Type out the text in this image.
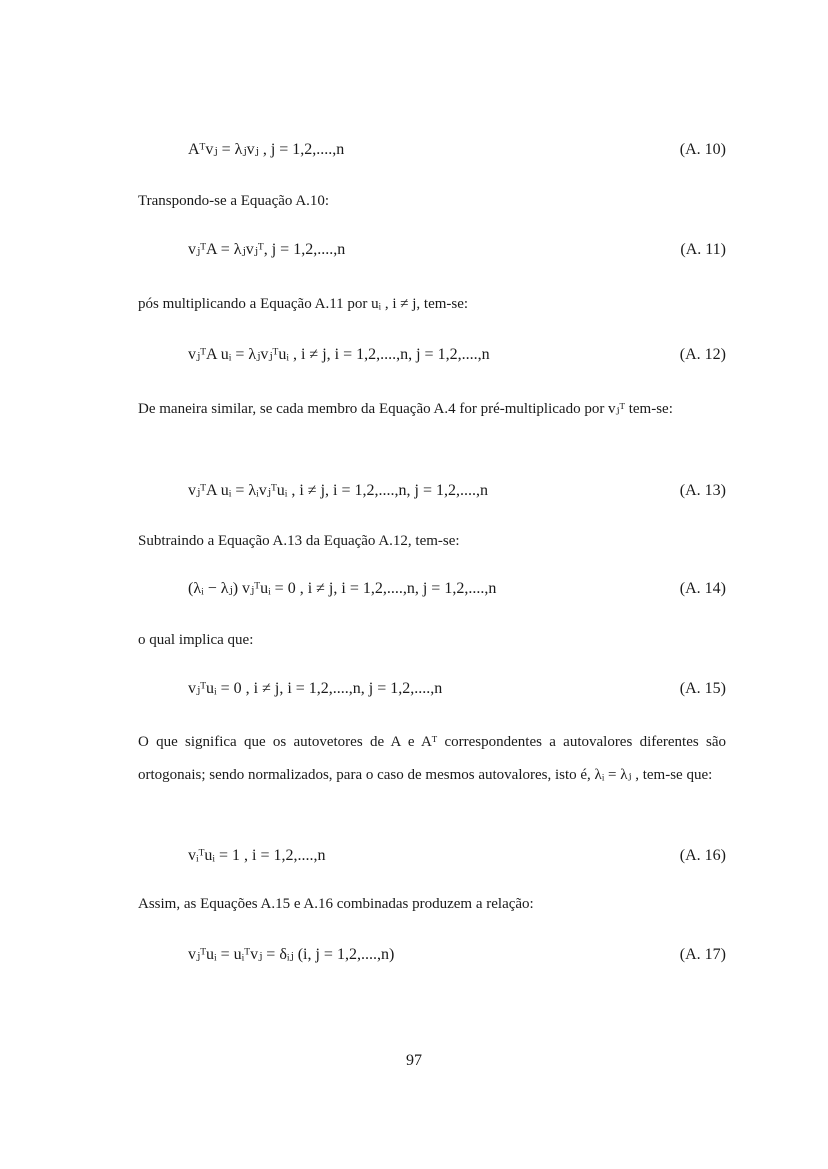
Aᵀvⱼ = λⱼvⱼ , j = 1,2,....,n	(A. 10)
Transpondo-se a Equação A.10:
vⱼᵀA = λⱼvⱼᵀ, j = 1,2,....,n	(A. 11)
pós multiplicando a Equação A.11 por uᵢ , i ≠ j, tem-se:
vⱼᵀA uᵢ = λⱼvⱼᵀuᵢ , i ≠ j, i = 1,2,....,n, j = 1,2,....,n	(A. 12)
De maneira similar, se cada membro da Equação A.4 for pré-multiplicado por vⱼᵀ tem-se:
vⱼᵀA uᵢ = λᵢvⱼᵀuᵢ , i ≠ j, i = 1,2,....,n, j = 1,2,....,n	(A. 13)
Subtraindo a Equação A.13 da Equação A.12, tem-se:
(λᵢ − λⱼ) vⱼᵀuᵢ = 0 , i ≠ j, i = 1,2,....,n, j = 1,2,....,n	(A. 14)
o qual implica que:
vⱼᵀuᵢ = 0 , i ≠ j, i = 1,2,....,n, j = 1,2,....,n	(A. 15)
O que significa que os autovetores de A e Aᵀ correspondentes a autovalores diferentes são ortogonais; sendo normalizados, para o caso de mesmos autovalores, isto é, λᵢ = λⱼ , tem-se que:
vᵢᵀuᵢ = 1 , i = 1,2,....,n	(A. 16)
Assim, as Equações A.15 e A.16 combinadas produzem a relação:
vⱼᵀuᵢ = uᵢᵀvⱼ = δᵢⱼ (i, j = 1,2,....,n)	(A. 17)
97
